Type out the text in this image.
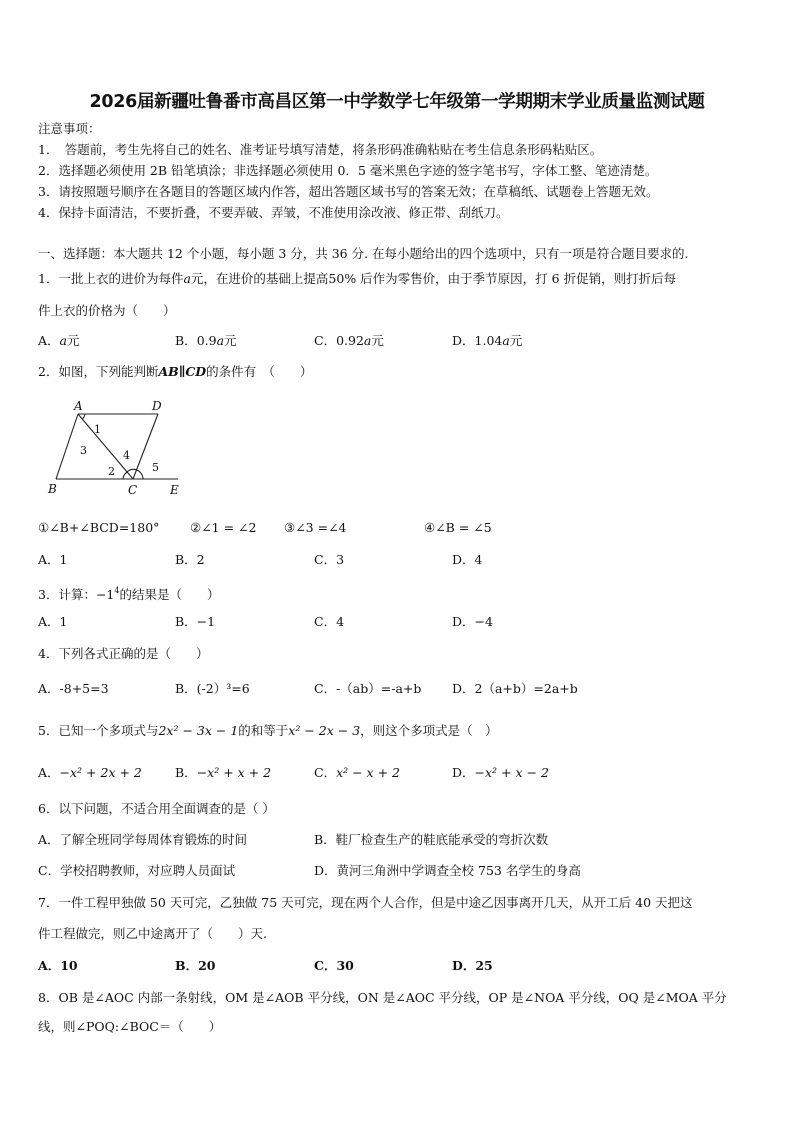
2026届新疆吐鲁番市高昌区第一中学数学七年级第一学期期末学业质量监测试题
注意事项：
1．　答题前，考生先将自己的姓名、准考证号填写清楚，将条形码准确粘贴在考生信息条形码粘贴区。
2．选择题必须使用 2B 铅笔填涂；非选择题必须使用 0．5 毫米黑色字迹的签字笔书写，字体工整、笔迹清楚。
3．请按照题号顺序在各题目的答题区域内作答，超出答题区域书写的答案无效；在草稿纸、试题卷上答题无效。
4．保持卡面清洁，不要折叠，不要弄破、弄皱，不准使用涂改液、修正带、刮纸刀。
一、选择题：本大题共 12 个小题，每小题 3 分，共 36 分. 在每小题给出的四个选项中，只有一项是符合题目要求的.
1．一批上衣的进价为每件a元，在进价的基础上提高50% 后作为零售价，由于季节原因，打 6 折促销，则打折后每
件上衣的价格为（　　）
A．a元	B．0.9a元	C．0.92a元	D．1.04a元
2．如图，下列能判断AB∥CD的条件有　（　　）
A	D
B	C	E
1
2
3	4
5
①∠B+∠BCD=180° ②∠1 = ∠2 ③∠3 =∠4	④∠B = ∠5
A．1	B．2	C．3	D．4
3．计算：$-1^4$的结果是（　　）
A．1	B．−1	C．4	D．−4
4．下列各式正确的是（　　）
A．-8+5=3	B．(-2）³=6	C．-（ab）=-a+b D．2（a+b）=2a+b
5．已知一个多项式与2x² − 3x − 1的和等于x² − 2x − 3，则这个多项式是（　）
A．−x² + 2x + 2	B．−x² + x + 2	C．x² − x + 2	D．−x² + x − 2
6．以下问题，不适合用全面调查的是（ ）
A．了解全班同学每周体育锻炼的时间	B．鞋厂检查生产的鞋底能承受的弯折次数
C．学校招聘教师，对应聘人员面试	D．黄河三角洲中学调查全校 753 名学生的身高
7．一件工程甲独做 50 天可完，乙独做 75 天可完，现在两个人合作，但是中途乙因事离开几天，从开工后 40 天把这
件工程做完，则乙中途离开了（　　）天.
A．10	B．20	C．30	D．25
8．OB 是∠AOC 内部一条射线，OM 是∠AOB 平分线，ON 是∠AOC 平分线，OP 是∠NOA 平分线，OQ 是∠MOA 平分
线，则∠POQ:∠BOC＝（　　）
